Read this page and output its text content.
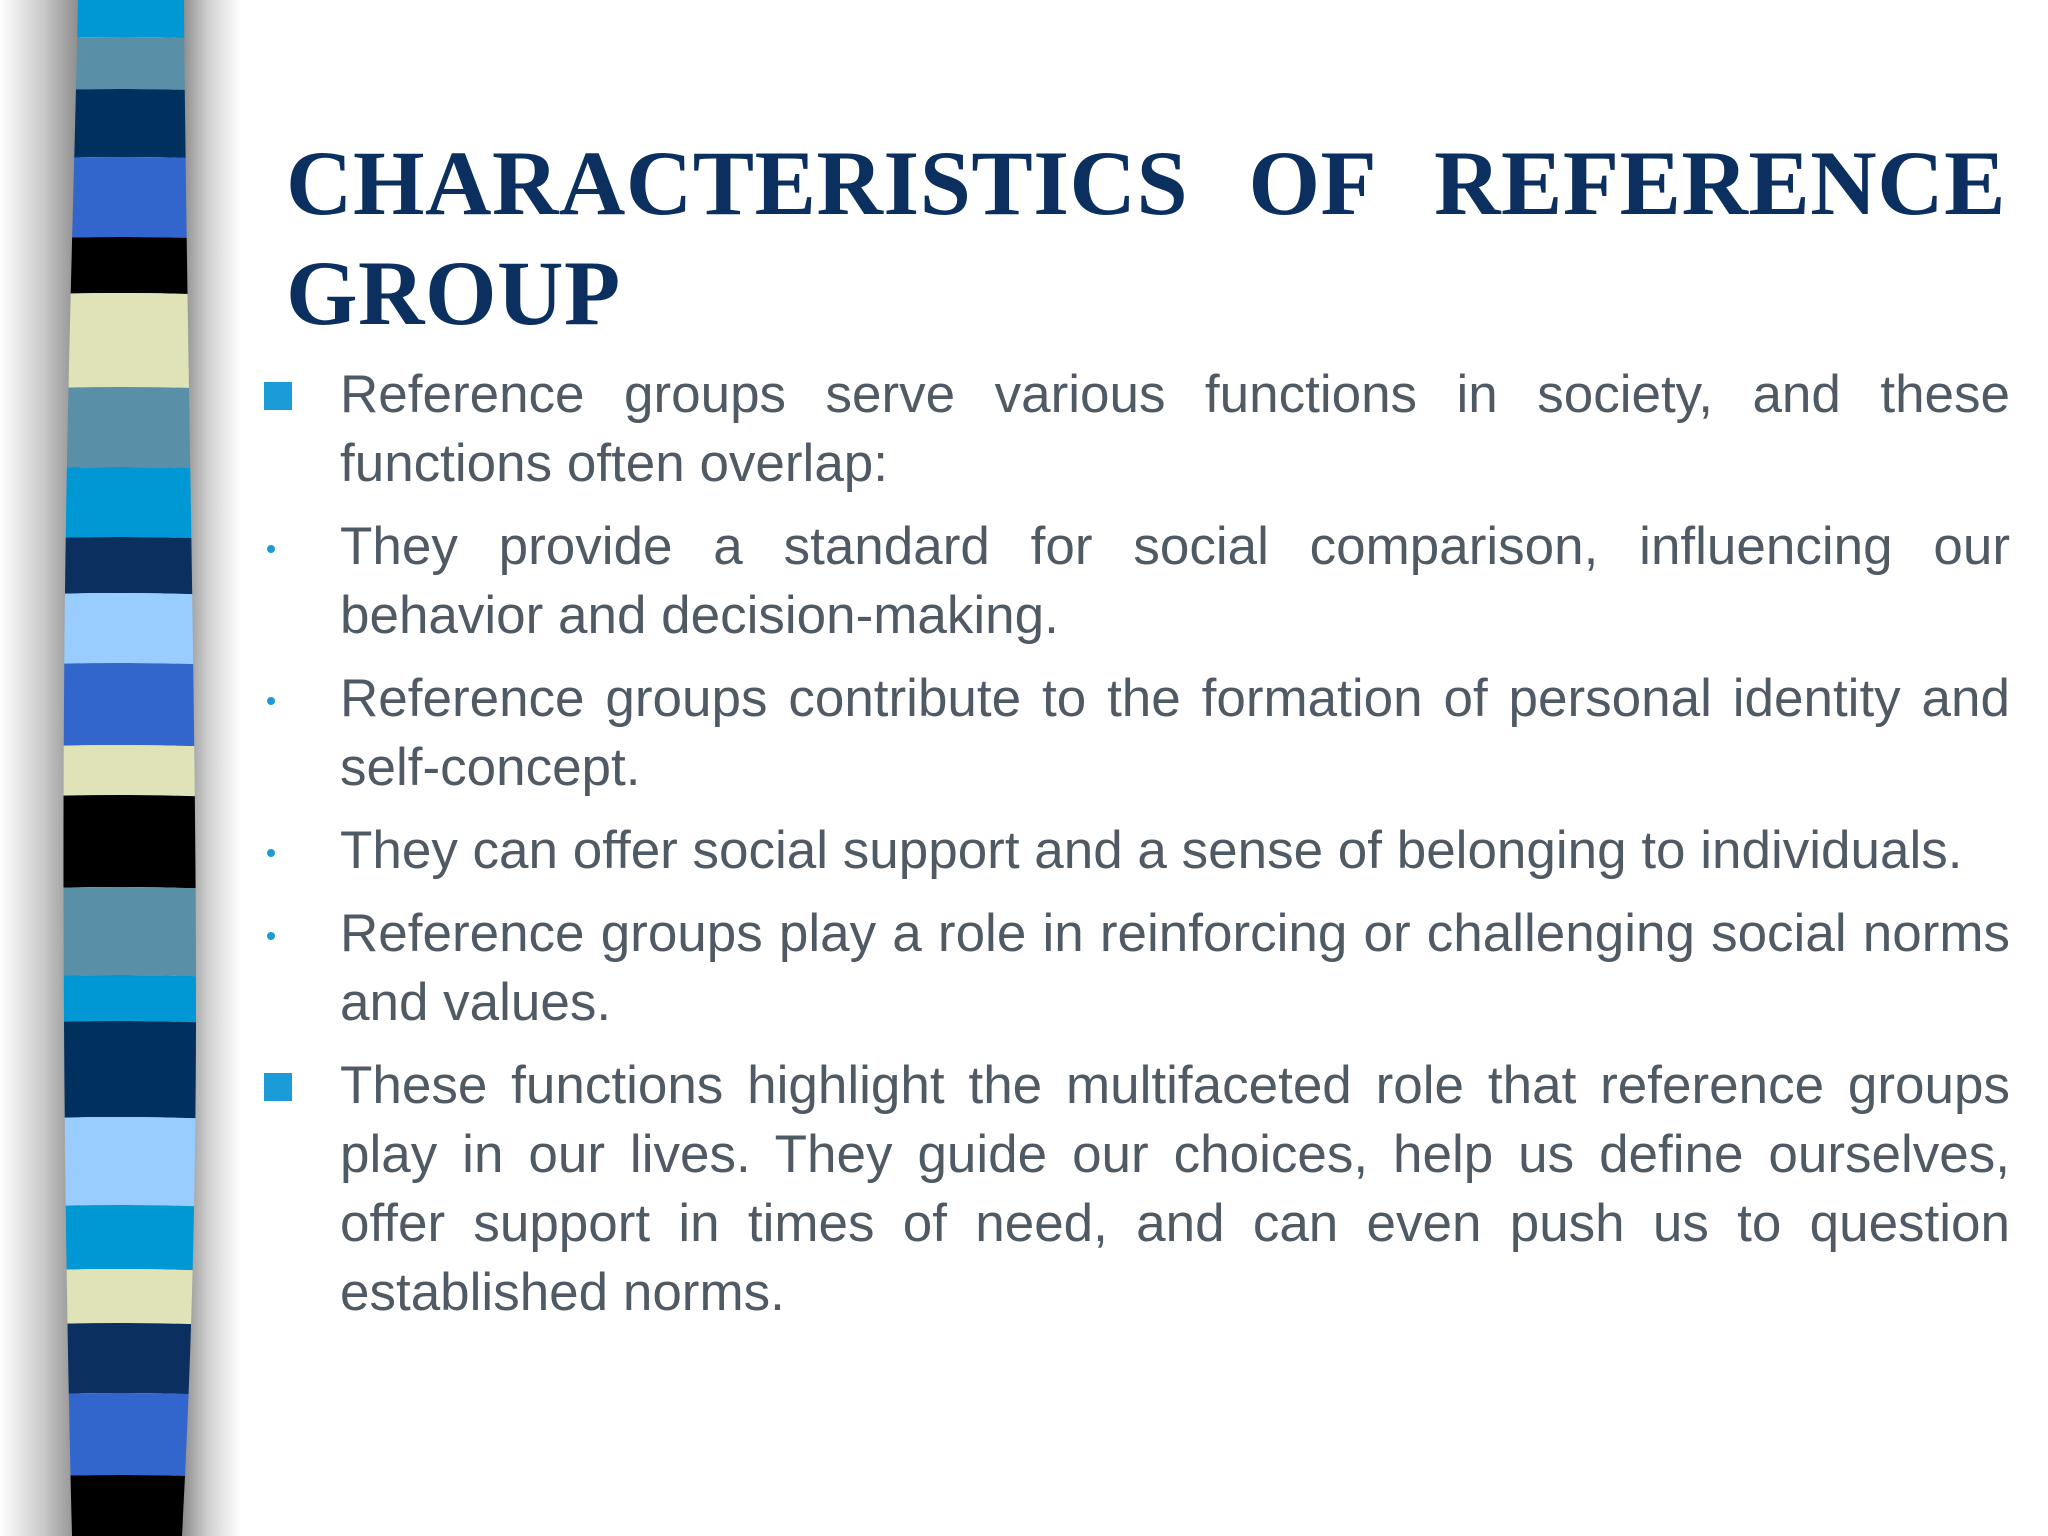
CHARACTERISTICS OF REFERENCE GROUP
Reference groups serve various functions in society, and these functions often overlap:
They provide a standard for social comparison, influencing our behavior and decision-making.
Reference groups contribute to the formation of personal identity and self-concept.
They can offer social support and a sense of belonging to individuals.
Reference groups play a role in reinforcing or challenging social norms and values.
These functions highlight the multifaceted role that reference groups play in our lives. They guide our choices, help us define ourselves, offer support in times of need, and can even push us to question established norms.
